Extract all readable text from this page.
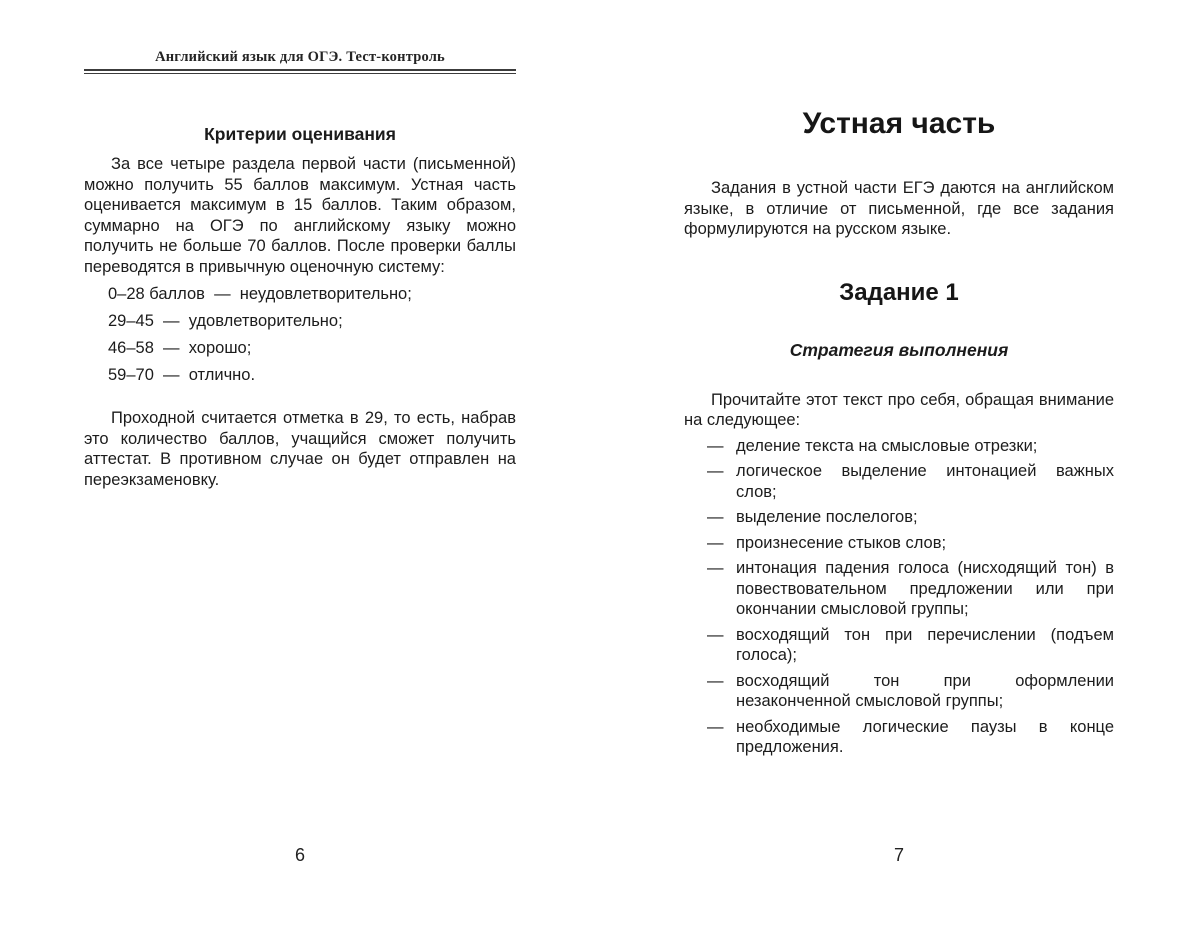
Английский язык для ОГЭ. Тест-контроль
Критерии оценивания

За все четыре раздела первой части (письменной) можно получить 55 баллов максимум. Устная часть оценивается максимум в 15 баллов. Таким образом, суммарно на ОГЭ по английскому языку можно получить не больше 70 баллов. После проверки баллы переводятся в привычную оценочную систему:

0–28 баллов  —  неудовлетворительно;
29–45  —  удовлетворительно;
46–58  —  хорошо;
59–70  —  отлично.

Проходной считается отметка в 29, то есть, набрав это количество баллов, учащийся сможет получить аттестат. В противном случае он будет отправлен на переэкзаменовку.

6
Устная часть

Задания в устной части ЕГЭ даются на английском языке, в отличие от письменной, где все задания формулируются на русском языке.

Задание 1
Стратегия выполнения

Прочитайте этот текст про себя, обращая внимание на следующее:

— деление текста на смысловые отрезки;
— логическое выделение интонацией важных слов;
— выделение послелогов;
— произнесение стыков слов;
— интонация падения голоса (нисходящий тон) в повествовательном предложении или при окончании смысловой группы;
— восходящий тон при перечислении (подъем голоса);
— восходящий тон при оформлении незаконченной смысловой группы;
— необходимые логические паузы в конце предложения.
7
